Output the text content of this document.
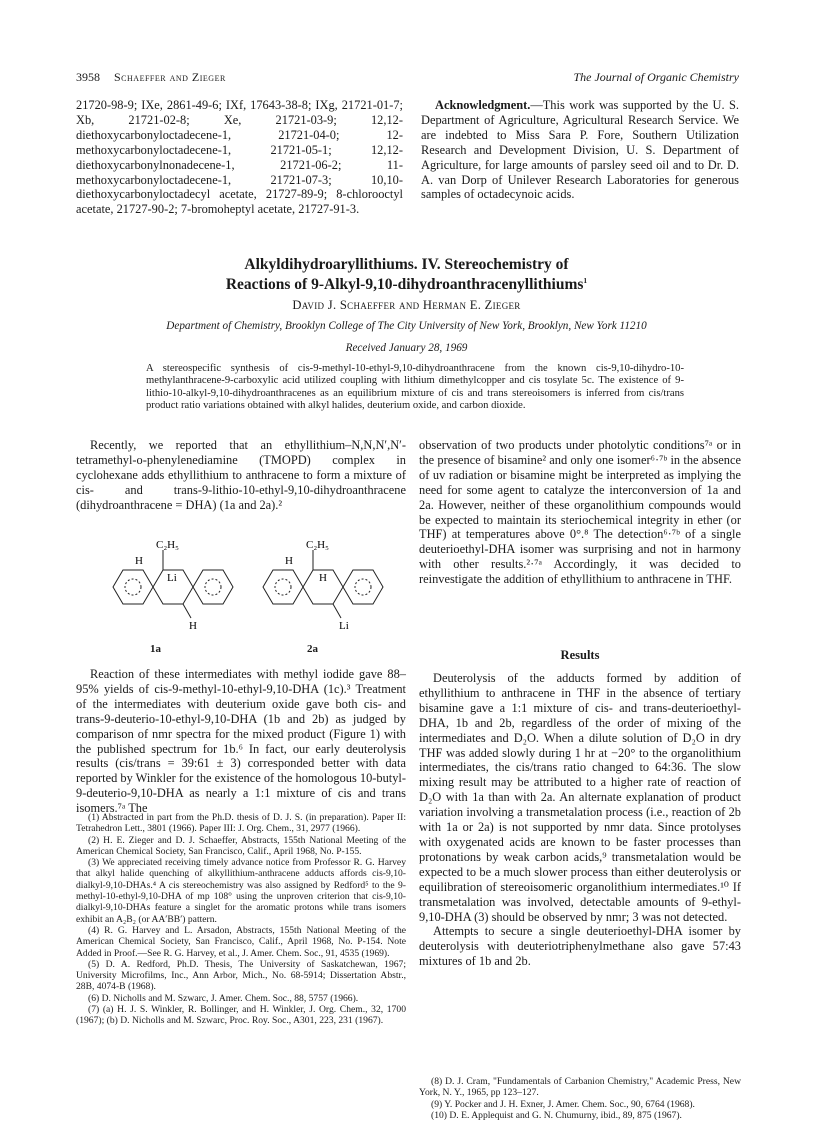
3958 Schaeffer and Zieger	The Journal of Organic Chemistry
21720-98-9; IXe, 2861-49-6; IXf, 17643-38-8; IXg, 21721-01-7; Xb, 21721-02-8; Xe, 21721-03-9; 12,12-diethoxycarbonyloctadecene-1, 21721-04-0; 12-methoxycarbonyloctadecene-1, 21721-05-1; 12,12-diethoxycarbonylnonadecene-1, 21721-06-2; 11-methoxycarbonyloctadecene-1, 21721-07-3; 10,10-diethoxycarbonyloctadecyl acetate, 21727-89-9; 8-chlorooctyl acetate, 21727-90-2; 7-bromoheptyl acetate, 21727-91-3.

Acknowledgment.—This work was supported by the U. S. Department of Agriculture, Agricultural Research Service. We are indebted to Miss Sara P. Fore, Southern Utilization Research and Development Division, U. S. Department of Agriculture, for large amounts of parsley seed oil and to Dr. D. A. van Dorp of Unilever Research Laboratories for generous samples of octadecynoic acids.

Alkyldihydroaryllithiums. IV. Stereochemistry of
Reactions of 9-Alkyl-9,10-dihydroanthracenyllithiums$^1$
David J. Schaeffer and Herman E. Zieger
Department of Chemistry, Brooklyn College of The City University of New York, Brooklyn, New York 11210
Received January 28, 1969
A stereospecific synthesis of cis-9-methyl-10-ethyl-9,10-dihydroanthracene from the known cis-9,10-dihydro-10-methylanthracene-9-carboxylic acid utilized coupling with lithium dimethylcopper and cis tosylate 5c. The existence of 9-lithio-10-alkyl-9,10-dihydroanthracenes as an equilibrium mixture of cis and trans stereoisomers is inferred from cis/trans product ratio variations obtained with alkyl halides, deuterium oxide, and carbon dioxide.

Recently, we reported that an ethyllithium–N,N,N′,N′-tetramethyl-o-phenylenediamine (TMOPD) complex in cyclohexane adds ethyllithium to anthracene to form a mixture of cis- and trans-9-lithio-10-ethyl-9,10-dihydroanthracene (dihydroanthracene = DHA) (1a and 2a).²

C₂H₅
H
Li
H
C₂H₅
H
H
Li
1a	2a

Reaction of these intermediates with methyl iodide gave 88–95% yields of cis-9-methyl-10-ethyl-9,10-DHA (1c).³ Treatment of the intermediates with deuterium oxide gave both cis- and trans-9-deuterio-10-ethyl-9,10-DHA (1b and 2b) as judged by comparison of nmr spectra for the mixed product (Figure 1) with the published spectrum for 1b.⁶ In fact, our early deuterolysis results (cis/trans = 39:61 ± 3) corresponded better with data reported by Winkler for the existence of the homologous 10-butyl-9-deuterio-9,10-DHA as nearly a 1:1 mixture of cis and trans isomers.⁷ᵃ The

(1) Abstracted in part from the Ph.D. thesis of D. J. S. (in preparation). Paper II: Tetrahedron Lett., 3801 (1966). Paper III: J. Org. Chem., 31, 2977 (1966).

(2) H. E. Zieger and D. J. Schaeffer, Abstracts, 155th National Meeting of the American Chemical Society, San Francisco, Calif., April 1968, No. P-155.

(3) We appreciated receiving timely advance notice from Professor R. G. Harvey that alkyl halide quenching of alkyllithium-anthracene adducts affords cis-9,10-dialkyl-9,10-DHAs.⁴ A cis stereochemistry was also assigned by Redford⁵ to the 9-methyl-10-ethyl-9,10-DHA of mp 108° using the unproven criterion that cis-9,10-dialkyl-9,10-DHAs feature a singlet for the aromatic protons while trans isomers exhibit an A₂B₂ (or AA′BB′) pattern.

(4) R. G. Harvey and L. Arsadon, Abstracts, 155th National Meeting of the American Chemical Society, San Francisco, Calif., April 1968, No. P-154. Note Added in Proof.—See R. G. Harvey, et al., J. Amer. Chem. Soc., 91, 4535 (1969).

(5) D. A. Redford, Ph.D. Thesis, The University of Saskatchewan, 1967; University Microfilms, Inc., Ann Arbor, Mich., No. 68-5914; Dissertation Abstr., 28B, 4074-B (1968).

(6) D. Nicholls and M. Szwarc, J. Amer. Chem. Soc., 88, 5757 (1966).

(7) (a) H. J. S. Winkler, R. Bollinger, and H. Winkler, J. Org. Chem., 32, 1700 (1967); (b) D. Nicholls and M. Szwarc, Proc. Roy. Soc., A301, 223, 231 (1967).

observation of two products under photolytic conditions⁷ᵃ or in the presence of bisamine² and only one isomer⁶·⁷ᵇ in the absence of uv radiation or bisamine might be interpreted as implying the need for some agent to catalyze the interconversion of 1a and 2a. However, neither of these organolithium compounds would be expected to maintain its steriochemical integrity in ether (or THF) at temperatures above 0°.⁸ The detection⁶·⁷ᵇ of a single deuterioethyl-DHA isomer was surprising and not in harmony with other results.²·⁷ᵃ Accordingly, it was decided to reinvestigate the addition of ethyllithium to anthracene in THF.

Results

Deuterolysis of the adducts formed by addition of ethyllithium to anthracene in THF in the absence of tertiary bisamine gave a 1:1 mixture of cis- and trans-deuterioethyl-DHA, 1b and 2b, regardless of the order of mixing of the intermediates and D₂O. When a dilute solution of D₂O in dry THF was added slowly during 1 hr at −20° to the organolithium intermediates, the cis/trans ratio changed to 64:36. The slow mixing result may be attributed to a higher rate of reaction of D₂O with 1a than with 2a. An alternate explanation of product variation involving a transmetalation process (i.e., reaction of 2b with 1a or 2a) is not supported by nmr data. Since protolyses with oxygenated acids are known to be faster processes than protonations by weak carbon acids,⁹ transmetalation would be expected to be a much slower process than either deuterolysis or equilibration of stereoisomeric organolithium intermediates.¹⁰ If transmetalation was involved, detectable amounts of 9-ethyl-9,10-DHA (3) should be observed by nmr; 3 was not detected.

Attempts to secure a single deuterioethyl-DHA isomer by deuterolysis with deuteriotriphenylmethane also gave 57:43 mixtures of 1b and 2b.

(8) D. J. Cram, "Fundamentals of Carbanion Chemistry," Academic Press, New York, N. Y., 1965, pp 123–127.

(9) Y. Pocker and J. H. Exner, J. Amer. Chem. Soc., 90, 6764 (1968).

(10) D. E. Applequist and G. N. Chumurny, ibid., 89, 875 (1967).
